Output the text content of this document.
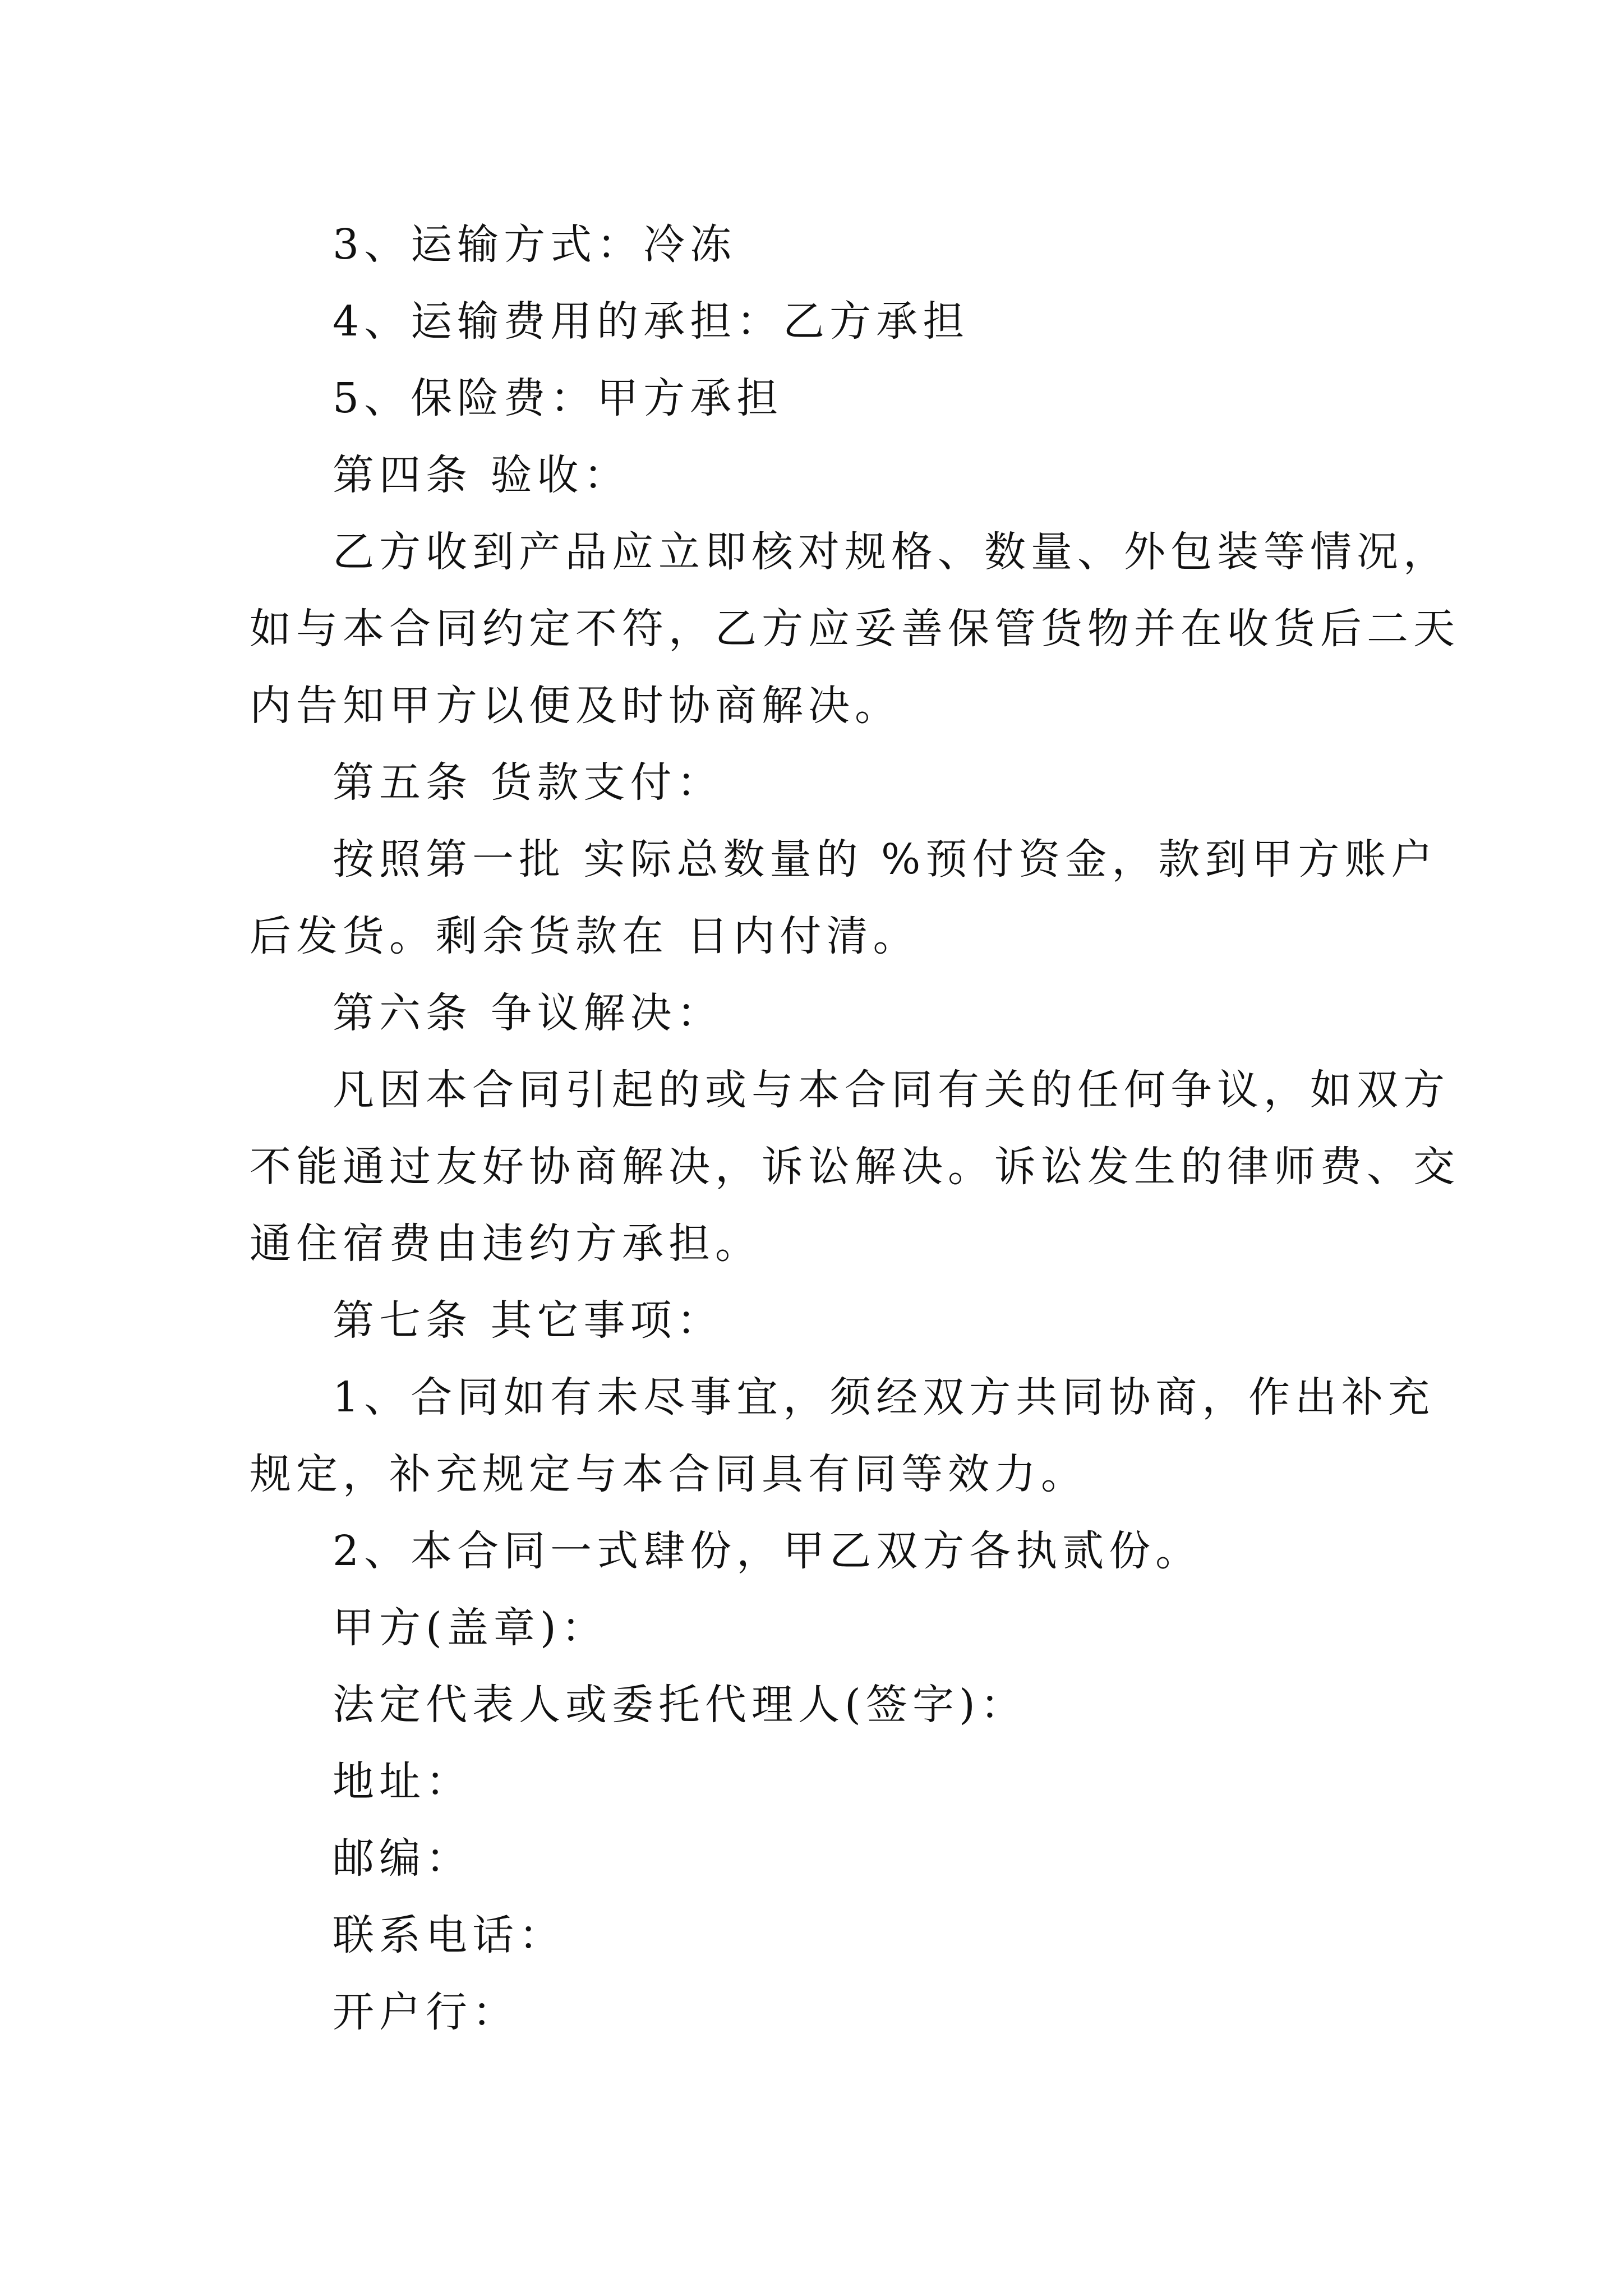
3、运输方式：冷冻
4、运输费用的承担：乙方承担
5、保险费：甲方承担
第四条 验收：
乙方收到产品应立即核对规格、数量、外包装等情况，
如与本合同约定不符，乙方应妥善保管货物并在收货后二天
内告知甲方以便及时协商解决。
第五条 货款支付：
按照第一批 实际总数量的 %预付资金，款到甲方账户
后发货。剩余货款在 日内付清。
第六条 争议解决：
凡因本合同引起的或与本合同有关的任何争议，如双方
不能通过友好协商解决，诉讼解决。诉讼发生的律师费、交
通住宿费由违约方承担。
第七条 其它事项：
1、合同如有未尽事宜，须经双方共同协商，作出补充
规定，补充规定与本合同具有同等效力。
2、本合同一式肆份，甲乙双方各执贰份。
甲方(盖章)：
法定代表人或委托代理人(签字)：
地址：
邮编：
联系电话：
开户行：
